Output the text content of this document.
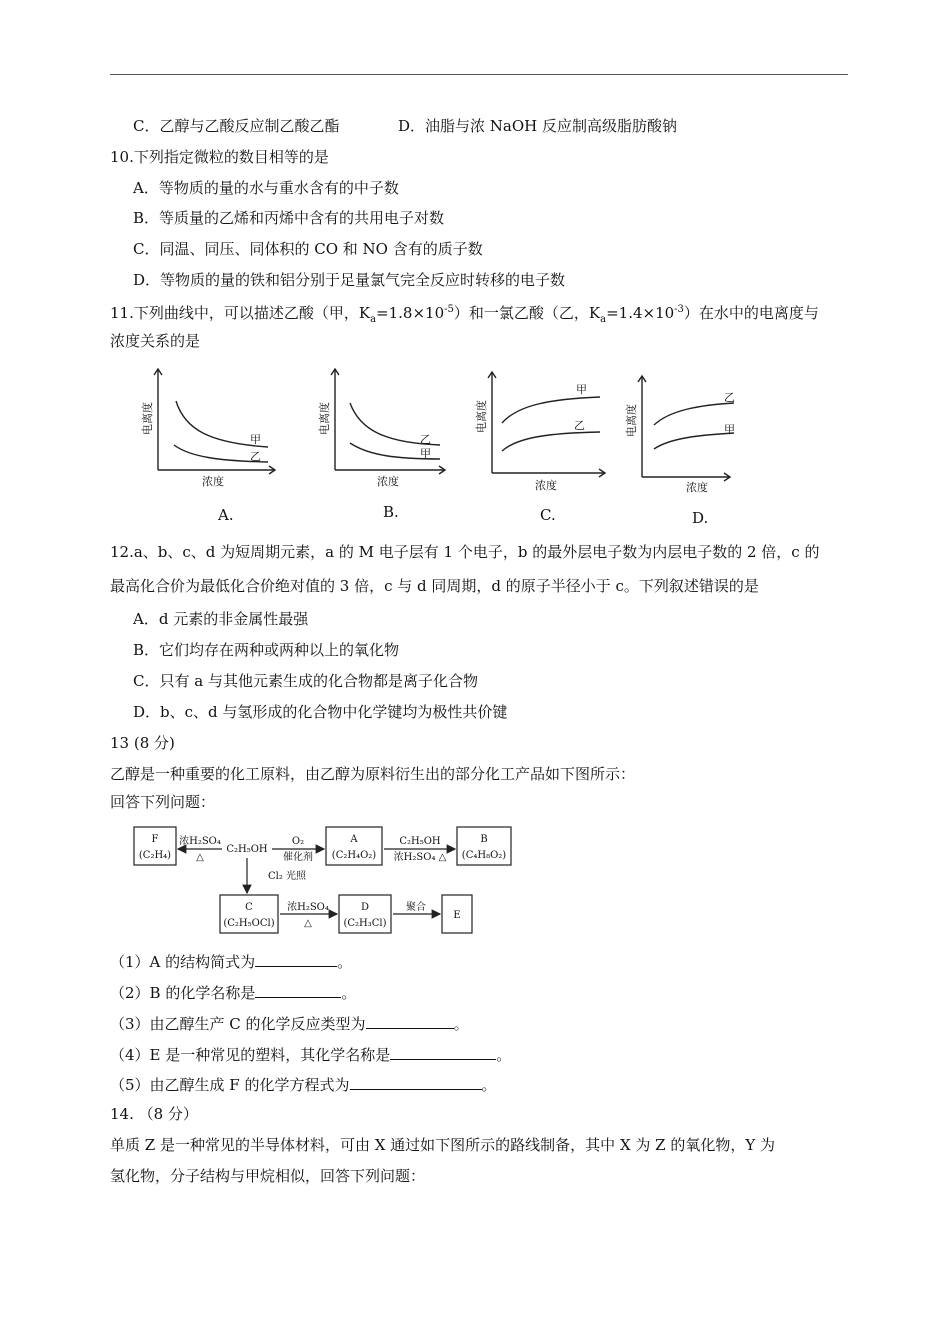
C．乙醇与乙酸反应制乙酸乙酯	D．油脂与浓 NaOH 反应制高级脂肪酸钠
10.下列指定微粒的数目相等的是
A．等物质的量的水与重水含有的中子数
B．等质量的乙烯和丙烯中含有的共用电子对数
C．同温、同压、同体积的 CO 和 NO 含有的质子数
D．等物质的量的铁和铝分别于足量氯气完全反应时转移的电子数
11.下列曲线中，可以描述乙酸（甲，$K_a=1.8\times 10^{-5}$）和一氯乙酸（乙，$K_a=1.4\times 10^{-3}$）在水中的电离度与
浓度关系的是
电离度
浓度
甲
乙
电离度
浓度
乙
甲
电离度
浓度
甲
乙	电离度
浓度
乙
甲
A.	B.	C.	D.
12.a、b、c、d 为短周期元素，a 的 M 电子层有 1 个电子，b 的最外层电子数为内层电子数的 2 倍，c 的
最高化合价为最低化合价绝对值的 3 倍，c 与 d 同周期，d 的原子半径小于 c。下列叙述错误的是
A．d 元素的非金属性最强
B．它们均存在两种或两种以上的氧化物
C．只有 a 与其他元素生成的化合物都是离子化合物
D．b、c、d 与氢形成的化合物中化学键均为极性共价键
13 (8 分)
乙醇是一种重要的化工原料，由乙醇为原料衍生出的部分化工产品如下图所示：
回答下列问题：
F
(C₂H₄)
C₂H₅OH
浓H₂SO₄
△
O₂
催化剂
A
(C₂H₄O₂)
C₂H₅OH
浓H₂SO₄ △
B
(C₄H₈O₂)
Cl₂ 光照
C
(C₂H₅OCl)
浓H₂SO₄
△
D
(C₂H₃Cl)
聚合
E
（1）A 的结构简式为	。
（2）B 的化学名称是	。
（3）由乙醇生产 C 的化学反应类型为	。
（4）E 是一种常见的塑料，其化学名称是	。
（5）由乙醇生成 F 的化学方程式为	。
14. （8 分）
单质 Z 是一种常见的半导体材料，可由 X 通过如下图所示的路线制备，其中 X 为 Z 的氧化物，Y 为
氢化物，分子结构与甲烷相似，回答下列问题：
